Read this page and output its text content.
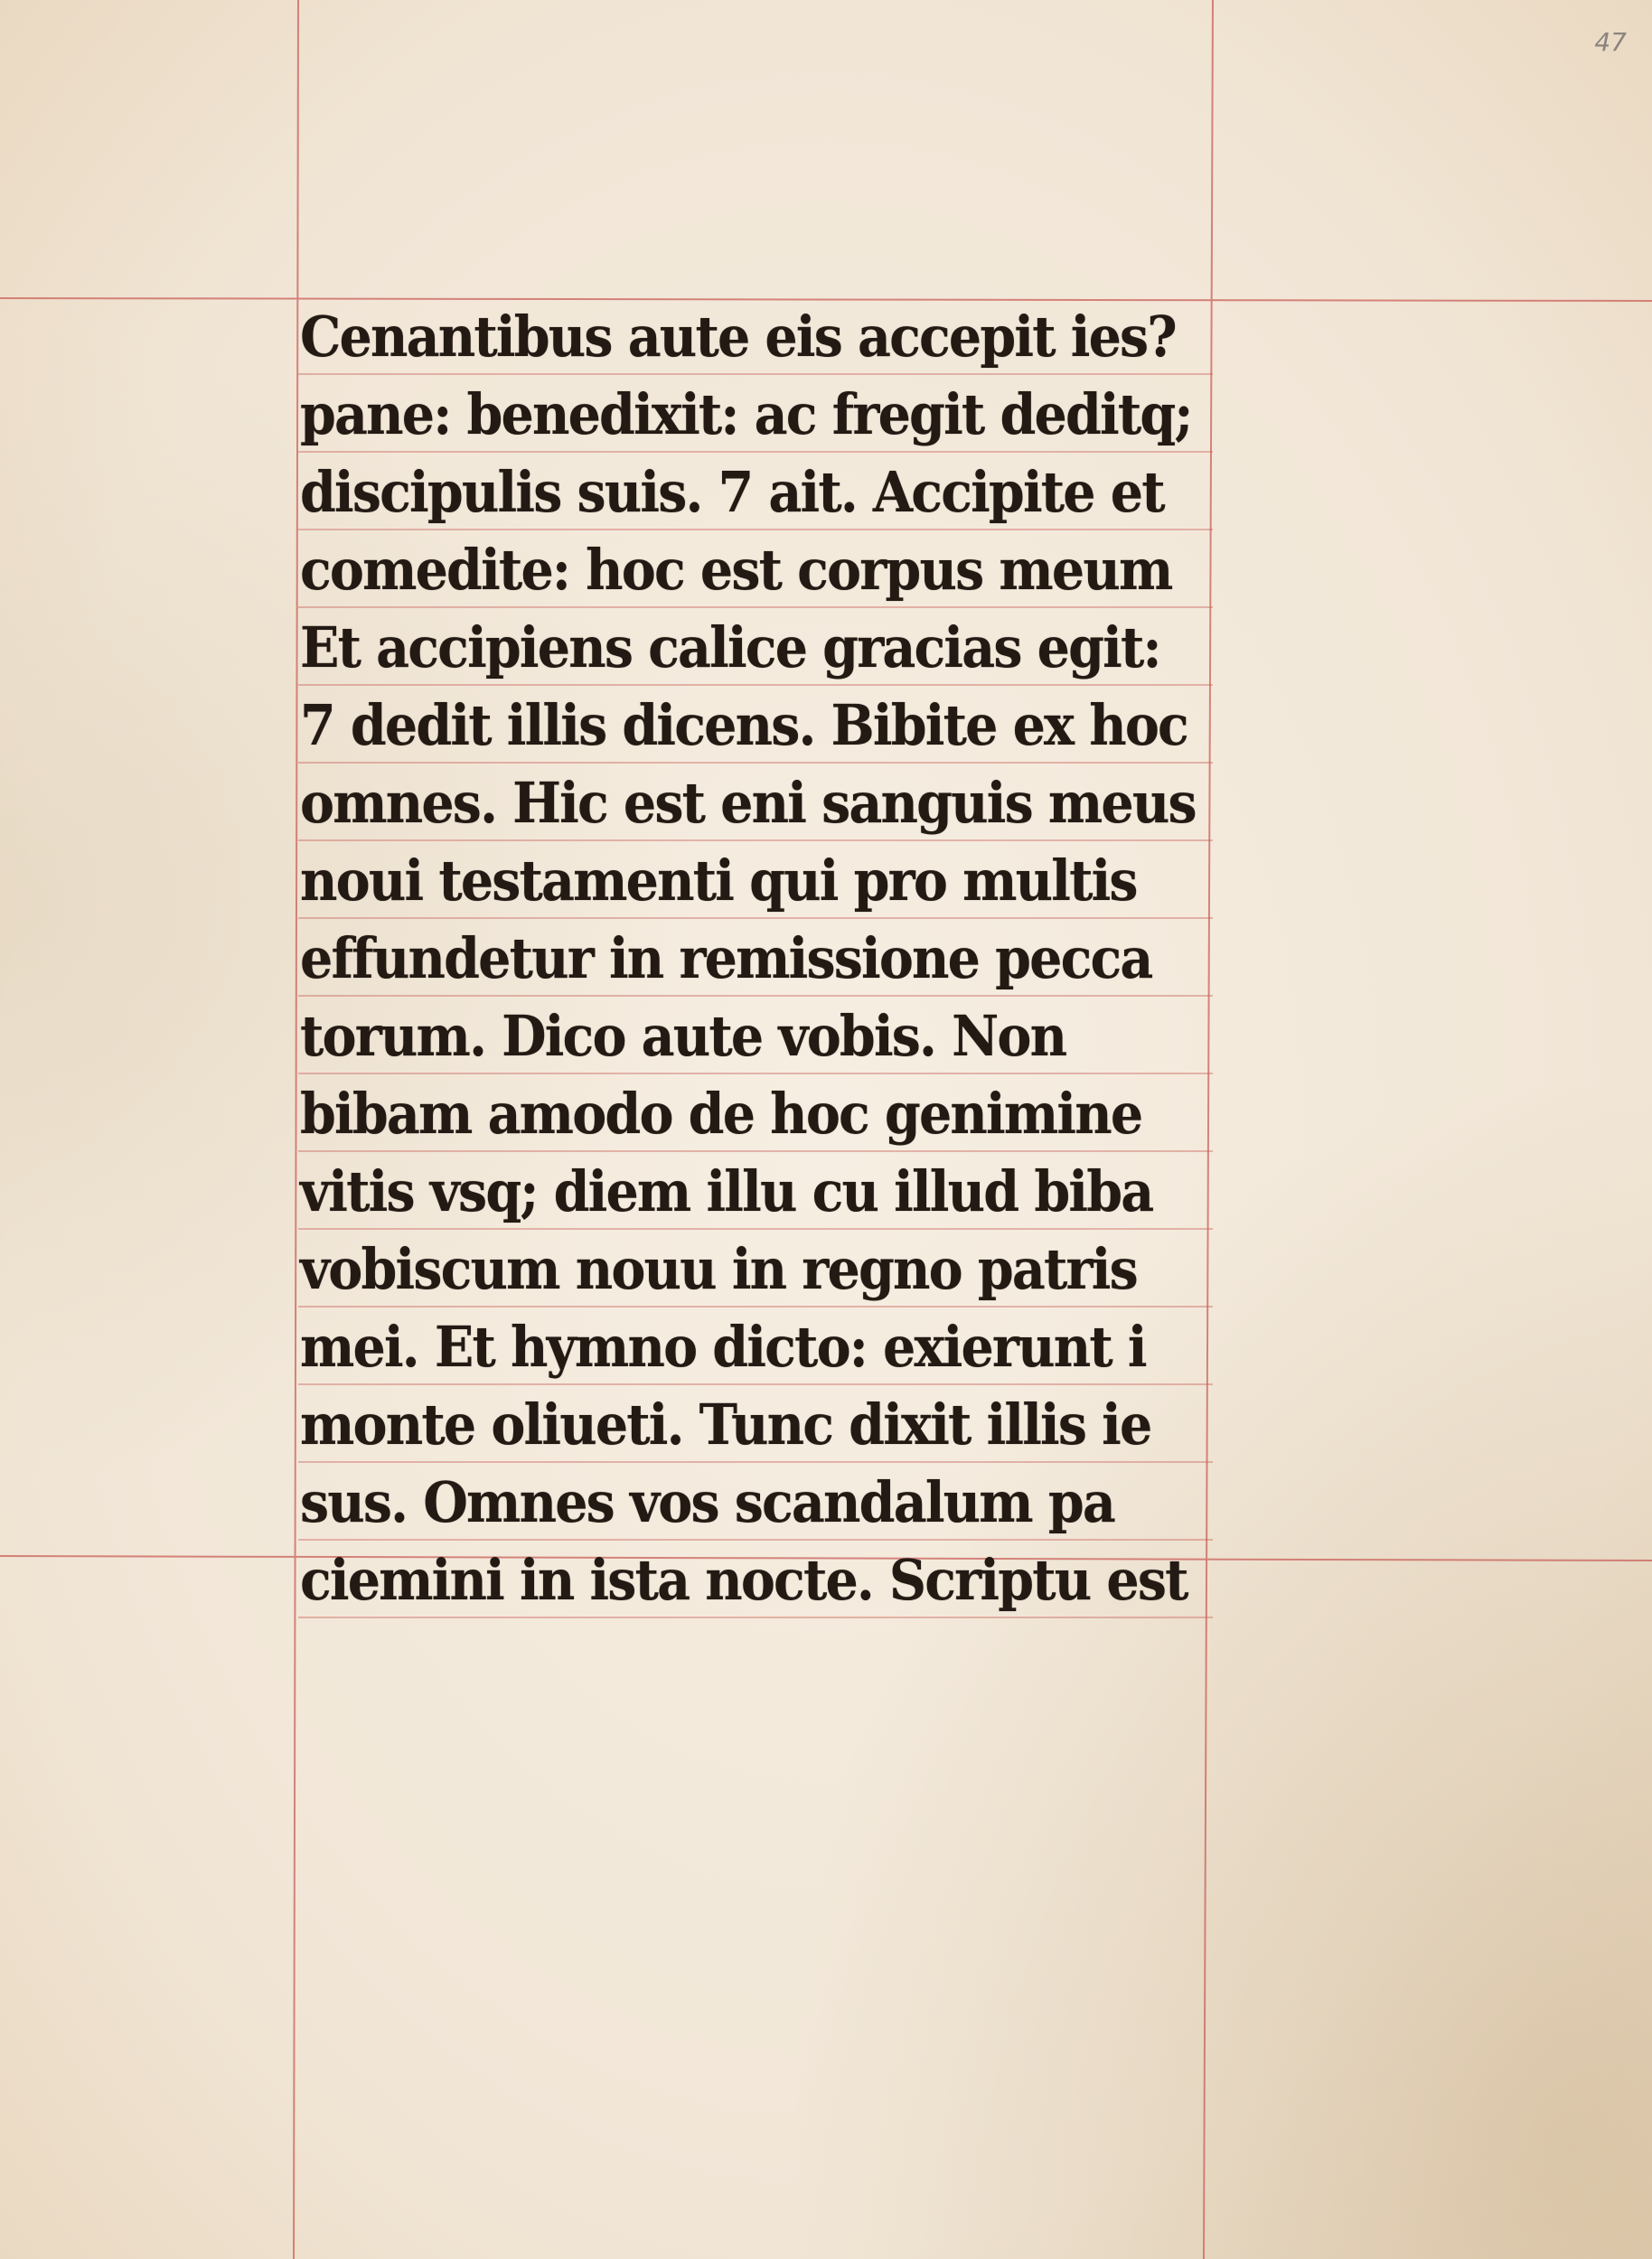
47
Cenantibus aute eis accepit ies?
pane: benedixit: ac fregit deditq;
discipulis suis. 7 ait. Accipite et
comedite: hoc est corpus meum
Et accipiens calice gracias egit:
7 dedit illis dicens. Bibite ex hoc
omnes. Hic est eni sanguis meus
noui testamenti qui pro multis
effundetur in remissione pecca
torum. Dico aute vobis. Non
bibam amodo de hoc genimine
vitis vsq; diem illu cu illud biba
vobiscum nouu in regno patris
mei. Et hymno dicto: exierunt i
monte oliueti. Tunc dixit illis ie
sus. Omnes vos scandalum pa
ciemini in ista nocte. Scriptu est
